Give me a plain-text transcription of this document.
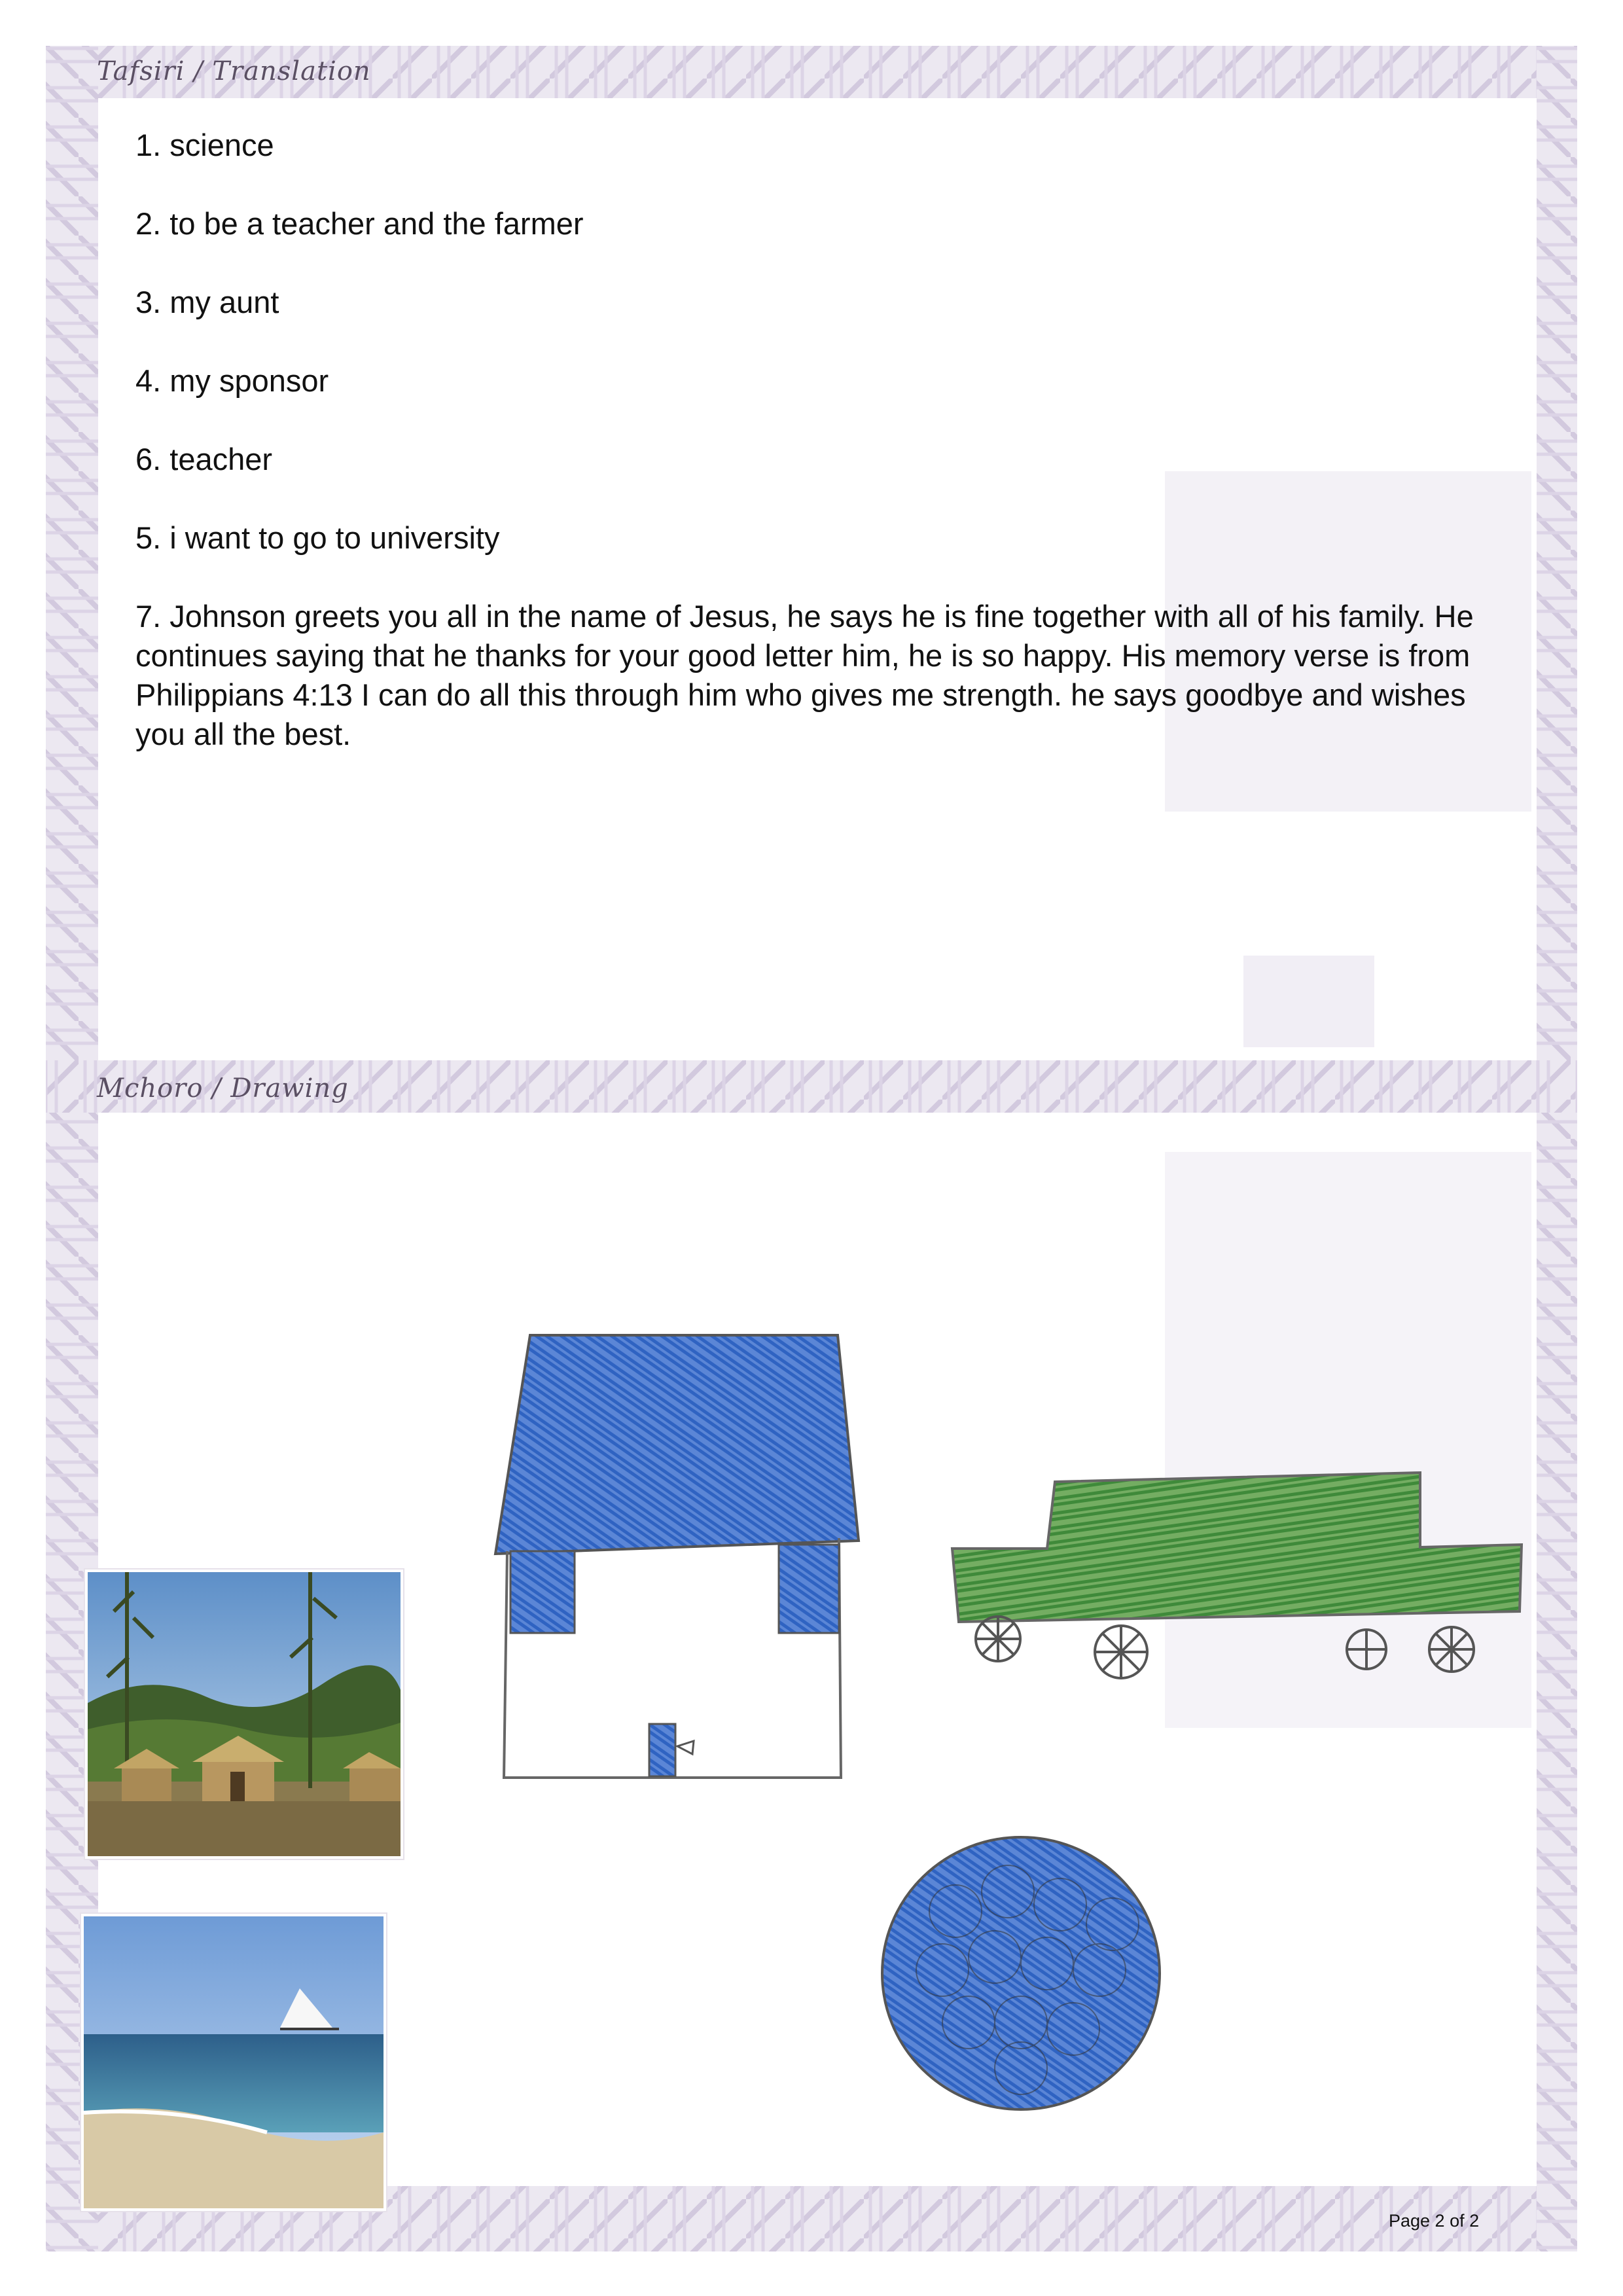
Tafsiri / Translation
Mchoro / Drawing

1. science

2. to be a teacher and the farmer

3. my aunt

4. my sponsor

6. teacher

5. i want to go to university

7. Johnson greets you all in the name of Jesus, he says he is fine together with all of his family. He continues saying that he thanks for your good letter him, he is so happy. His memory verse is from Philippians 4:13 I can do all this through him who gives me strength. he says goodbye and wishes you all the best.

Page 2 of 2
